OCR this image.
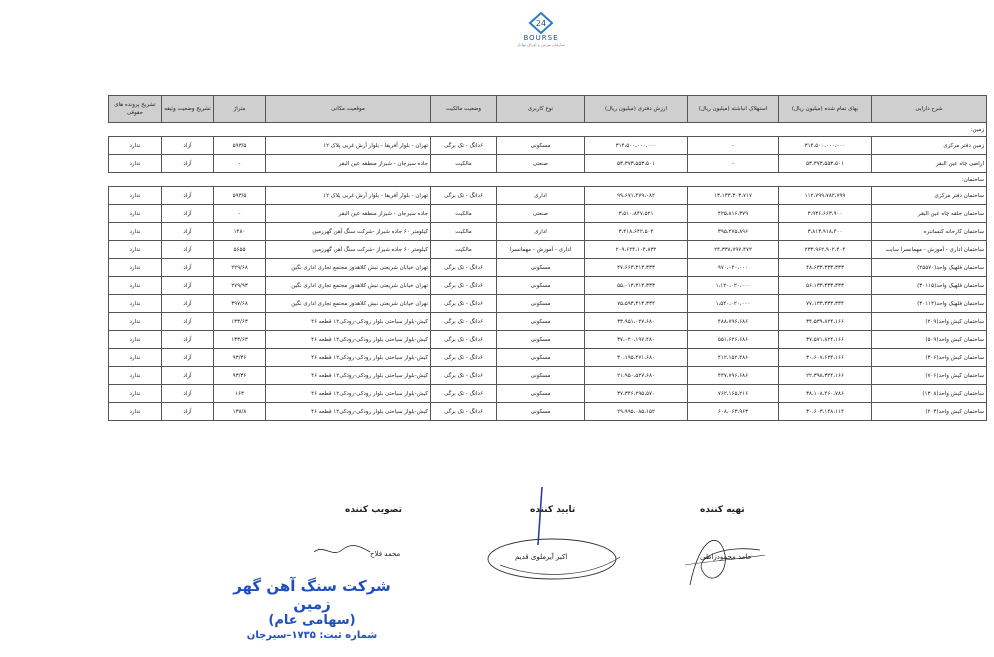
24
BOURSE
سازمان بورس و اوراق بهادار
شرح دارایی	بهای تمام شده (میلیون ریال)	استهلاک انباشته (میلیون ریال)	ارزش دفتری (میلیون ریال)	نوع کاربری	وضعیت مالکیت	موقعیت مکانی	متراژ	تشریح وضعیت وثیقه	تشریح پرونده های حقوقی
زمین:									
زمین دفتر مرکزی	۳۱۴،۵۰۰،۰۰۰،۰۰۰	-	۳۱۴،۵۰۰،۰۰۰،۰۰۰	مسکونی	۶دانگ - تک برگی	تهران - بلوار آفریقا - بلوار آرش غربی پلاک ۱۲	۵۹۳/۵	آزاد	ندارد
اراضی چاه عین البقر	۵۳،۳۷۳،۵۵۳،۵۰۱	-	۵۳،۳۷۳،۵۵۳،۵۰۱	صنعتی	مالکیت	جاده سیرجان - شیراز منطقه عین البقر	-	آزاد	ندارد
ساختمان:									
ساختمان دفتر مرکزی	۱۱۲،۷۹۹،۷۸۲،۷۹۹	۱۳،۱۳۳،۳۰۳،۷۱۷	۹۹،۶۷۱،۴۷۹،۰۸۲	اداری	۶دانگ - تک برگی	تهران - بلوار آفریقا - بلوار آرش غربی پلاک ۱۲	۵۹۳/۵	آزاد	ندارد
ساختمان حلقه چاه عین البقر	۳،۹۳۶،۶۶۳،۹۰۰	۴۲۵،۸۱۶،۳۷۹	۳،۵۱۰،۸۴۷،۵۲۱	صنعتی	مالکیت	جاده سیرجان - شیراز منطقه عین البقر	-	آزاد	ندارد
ساختمان کارخانه کنسانتره	۳،۸۱۳،۹۱۸،۴۰۰	۳۹۵،۲۷۵،۸۹۶	۳،۴۱۸،۶۴۲،۵۰۴	اداری	مالکیت	کیلومتر ۶۰ جاده شیراز -شرکت سنگ آهن گهرزمین	۱۴۸۰	آزاد	ندارد
ساختمان اداری - آموزش - مهمانسرا سایت	۲۳۳،۹۶۲،۹۰۲،۴۰۴	۲۴،۳۳۸،۷۹۷،۴۷۲	۲۰۹،۶۲۴،۱۰۴،۸۳۲	اداری - آموزش - مهمانسرا	مالکیت	کیلومتر ۶۰ جاده شیراز -شرکت سنگ آهن گهرزمین	۵۶۵۵	آزاد	ندارد
ساختمان فلهیک واحد(۲۵۵۷۰)	۴۸،۶۳۳،۳۳۳،۳۳۳	۹۷۰،۰۲۰،۰۰۰	۴۷،۶۶۳،۳۱۳،۳۳۳	مسکونی	۶دانگ - تک برگی	تهران خیابان شریعتی نبش کلاهدوز مجتمع تجاری اداری نگین	۲۲۹/۶۸	آزاد	ندارد
ساختمان فلهیک واحد(۳۰۱۱۵)	۵۶،۱۳۳،۳۳۳،۳۳۳	۱،۱۲۰،۰۲۰،۰۰۰	۵۵،۰۱۳،۳۱۳،۳۳۳	مسکونی	۶دانگ - تک برگی	تهران خیابان شریعتی نبش کلاهدوز مجتمع تجاری اداری نگین	۲۷۹/۹۳	آزاد	ندارد
ساختمان فلهیک واحد(۳۰۱۱۴)	۷۷،۱۳۳،۳۳۳،۳۳۴	۱،۵۴۰،۰۲۰،۰۰۰	۷۵،۵۹۳،۳۱۳،۳۳۴	مسکونی	۶دانگ - تک برگی	تهران خیابان شریعتی نبش کلاهدوز مجتمع تجاری اداری نگین	۳۹۷/۶۸	آزاد	ندارد
ساختمان کیش واحد(۲۰۹)	۳۴،۵۳۹،۸۲۴،۱۶۶	۴۸۸،۷۹۶،۶۸۶	۳۳،۹۵۱،۰۲۷،۶۸۰	مسکونی	۶دانگ - تک برگی	کیش-بلوار سیاحتی بلوار رودکی-رودکی۱۲ قطعه ۴۶	۱۳۳/۶۳	آزاد	ندارد
ساختمان کیش واحد(۵۰۹)	۳۷،۵۷۱،۸۲۴،۱۶۶	۵۵۱،۶۲۶،۶۸۶	۳۷،۰۲۰،۱۹۷،۴۸۰	مسکونی	۶دانگ - تک برگی	کیش-بلوار سیاحتی بلوار رودکی-رودکی۱۲ قطعه ۴۶	۱۳۳/۶۳	آزاد	ندارد
ساختمان کیش واحد(۳۰۶)	۳۰،۶۰۷،۶۲۴،۱۶۶	۴۱۲،۱۵۲،۴۸۶	۳۰،۱۹۵،۴۷۱،۶۸۰	مسکونی	۶دانگ - تک برگی	کیش-بلوار سیاحتی بلوار رودکی-رودکی۱۲ قطعه ۴۶	۹۳/۳۶	آزاد	ندارد
ساختمان کیش واحد(۷۰۶)	۲۲،۳۹۸،۳۲۴،۱۶۶	۴۴۷،۷۹۶،۶۸۶	۲۱،۹۵۰،۵۲۷،۶۸۰	مسکونی	۶دانگ - تک برگی	کیش-بلوار سیاحتی بلوار رودکی-رودکی۱۲ قطعه ۴۶	۹۳/۳۶	آزاد	ندارد
ساختمان کیش واحد(۱۳۰۸)	۳۸،۱۰۸،۴۶۰،۷۸۶	۷۶۲،۱۶۵،۲۱۶	۳۷،۳۴۶،۲۹۵،۵۷۰	مسکونی	۶دانگ - تک برگی	کیش-بلوار سیاحتی بلوار رودکی-رودکی۱۲ قطعه ۴۶	۱۶۳	آزاد	ندارد
ساختمان کیش واحد(۲۰۳)	۳۰،۶۰۳،۱۴۸،۱۱۴	۶۰۸،۰۶۳،۹۶۳	۲۹،۹۹۵،۰۸۵،۱۵۲	مسکونی	۶دانگ - تک برگی	کیش-بلوار سیاحتی بلوار رودکی-رودکی۱۲ قطعه ۴۶	۱۳۸/۸	آزاد	ندارد
تصویب کننده
محمد فلاح
تایید کننده
اکبر آیرملوی قدیم
تهیه کننده
حامد محمودزاطی
شرکت سنگ آهن گهر زمین
(سهامی عام)
شماره ثبت: ۱۷۳۵–سیرجان
